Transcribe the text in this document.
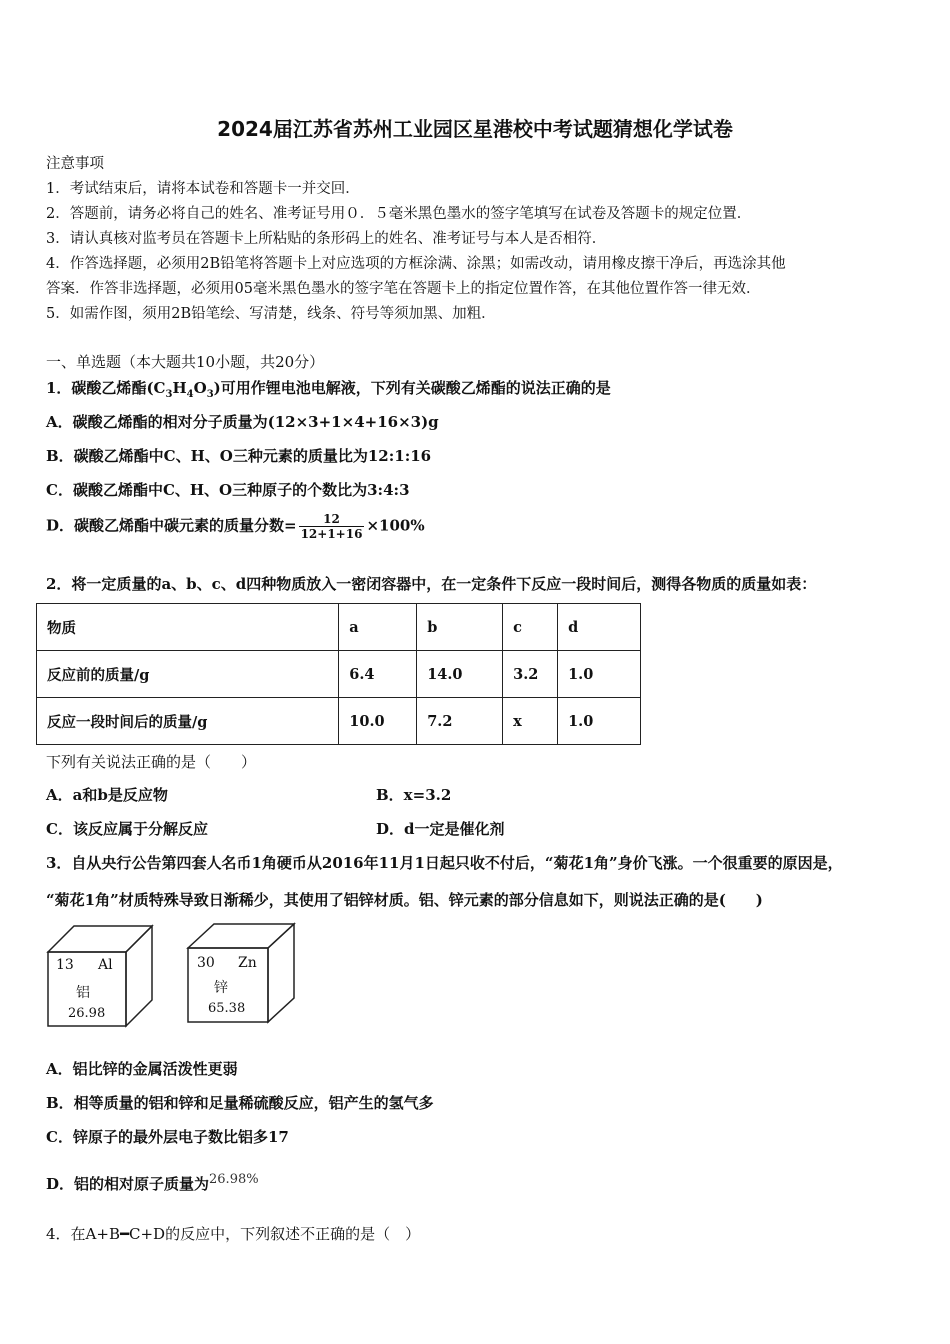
2024届江苏省苏州工业园区星港校中考试题猜想化学试卷
注意事项
1．考试结束后，请将本试卷和答题卡一并交回．
2．答题前，请务必将自己的姓名、准考证号用０．５毫米黑色墨水的签字笔填写在试卷及答题卡的规定位置．
3．请认真核对监考员在答题卡上所粘贴的条形码上的姓名、准考证号与本人是否相符．
4．作答选择题，必须用2B铅笔将答题卡上对应选项的方框涂满、涂黑；如需改动，请用橡皮擦干净后，再选涂其他
答案．作答非选择题，必须用05毫米黑色墨水的签字笔在答题卡上的指定位置作答，在其他位置作答一律无效．
5．如需作图，须用2B铅笔绘、写清楚，线条、符号等须加黑、加粗．
一、单选题（本大题共10小题，共20分）
1．碳酸乙烯酯$(C_3H_4O_3)$可用作锂电池电解液，下列有关碳酸乙烯酯的说法正确的是
A．碳酸乙烯酯的相对分子质量为(12×3+1×4+16×3)g
B．碳酸乙烯酯中C、H、O三种元素的质量比为12:1:16
C．碳酸乙烯酯中C、H、O三种原子的个数比为3:4:3
D．碳酸乙烯酯中碳元素的质量分数= $\frac{12}{12+1+16} \times 100\%$
2．将一定质量的a、b、c、d四种物质放入一密闭容器中，在一定条件下反应一段时间后，测得各物质的质量如表：
物质	a	b	c	d
反应前的质量/g	6.4	14.0	3.2	1.0
反应一段时间后的质量/g	10.0	7.2	x	1.0
下列有关说法正确的是（　　）
A．a和b是反应物	B．x=3.2
C．该反应属于分解反应	D．d一定是催化剂
3．自从央行公告第四套人名币1角硬币从2016年11月1日起只收不付后，“菊花1角”身价飞涨。一个很重要的原因是，
“菊花1角”材质特殊导致日渐稀少，其使用了铝锌材质。铝、锌元素的部分信息如下，则说法正确的是(　　)
13 Al
铝
26.98
30 Zn
锌
65.38
A．铝比锌的金属活泼性更弱
B．相等质量的铝和锌和足量稀硫酸反应，铝产生的氢气多
C．锌原子的最外层电子数比铝多17
D．铝的相对原子质量为26.98%
4．在A+B━C+D的反应中，下列叙述不正确的是（　）
